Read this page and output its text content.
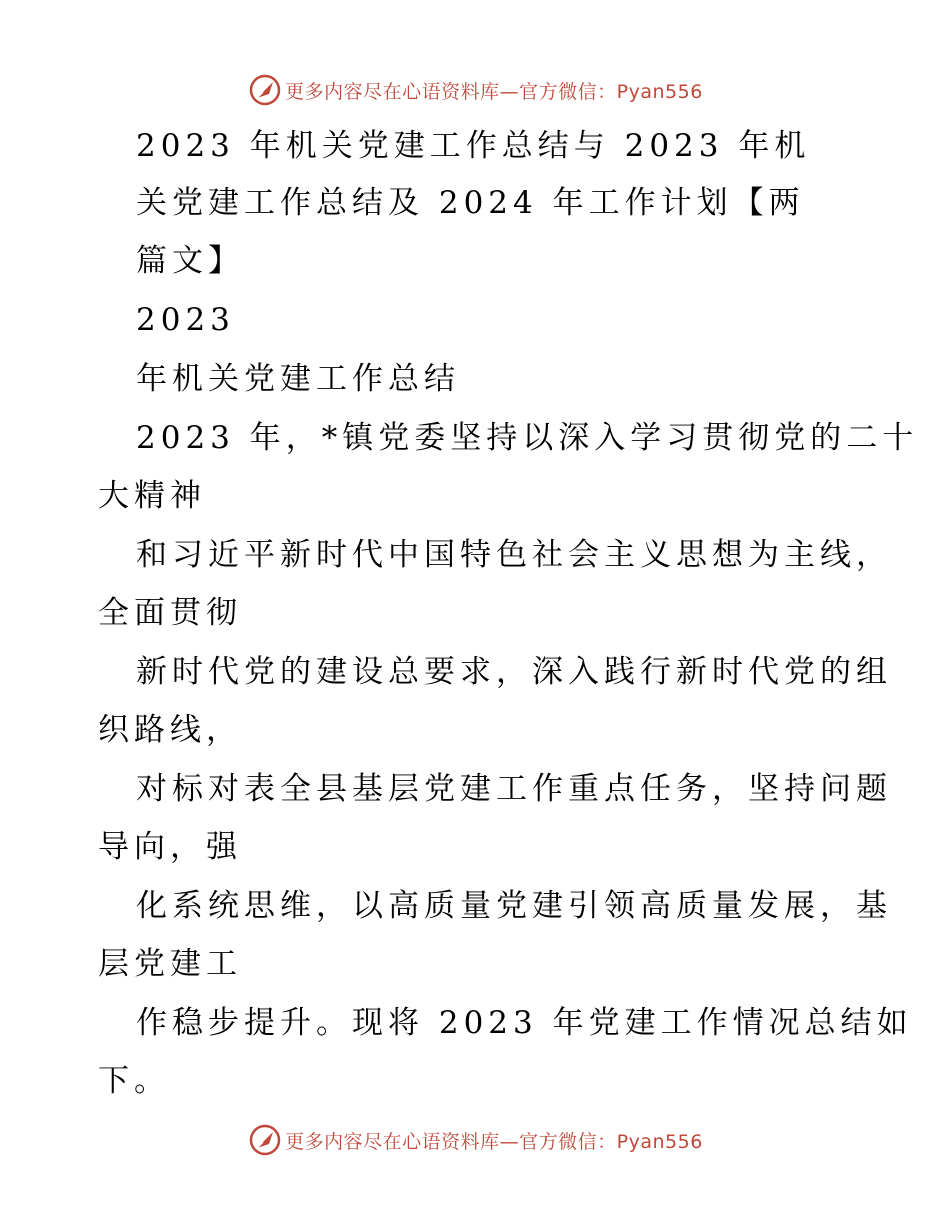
更多内容尽在心语资料库—官方微信：Pyan556
2023 年机关党建工作总结与 2023 年机
关党建工作总结及 2024 年工作计划【两
篇文】
2023
年机关党建工作总结
2023 年，*镇党委坚持以深入学习贯彻党的二十
大精神
和习近平新时代中国特色社会主义思想为主线，
全面贯彻
新时代党的建设总要求，深入践行新时代党的组
织路线，
对标对表全县基层党建工作重点任务，坚持问题
导向，强
化系统思维，以高质量党建引领高质量发展，基
层党建工
作稳步提升。现将 2023 年党建工作情况总结如
下。
更多内容尽在心语资料库—官方微信：Pyan556
